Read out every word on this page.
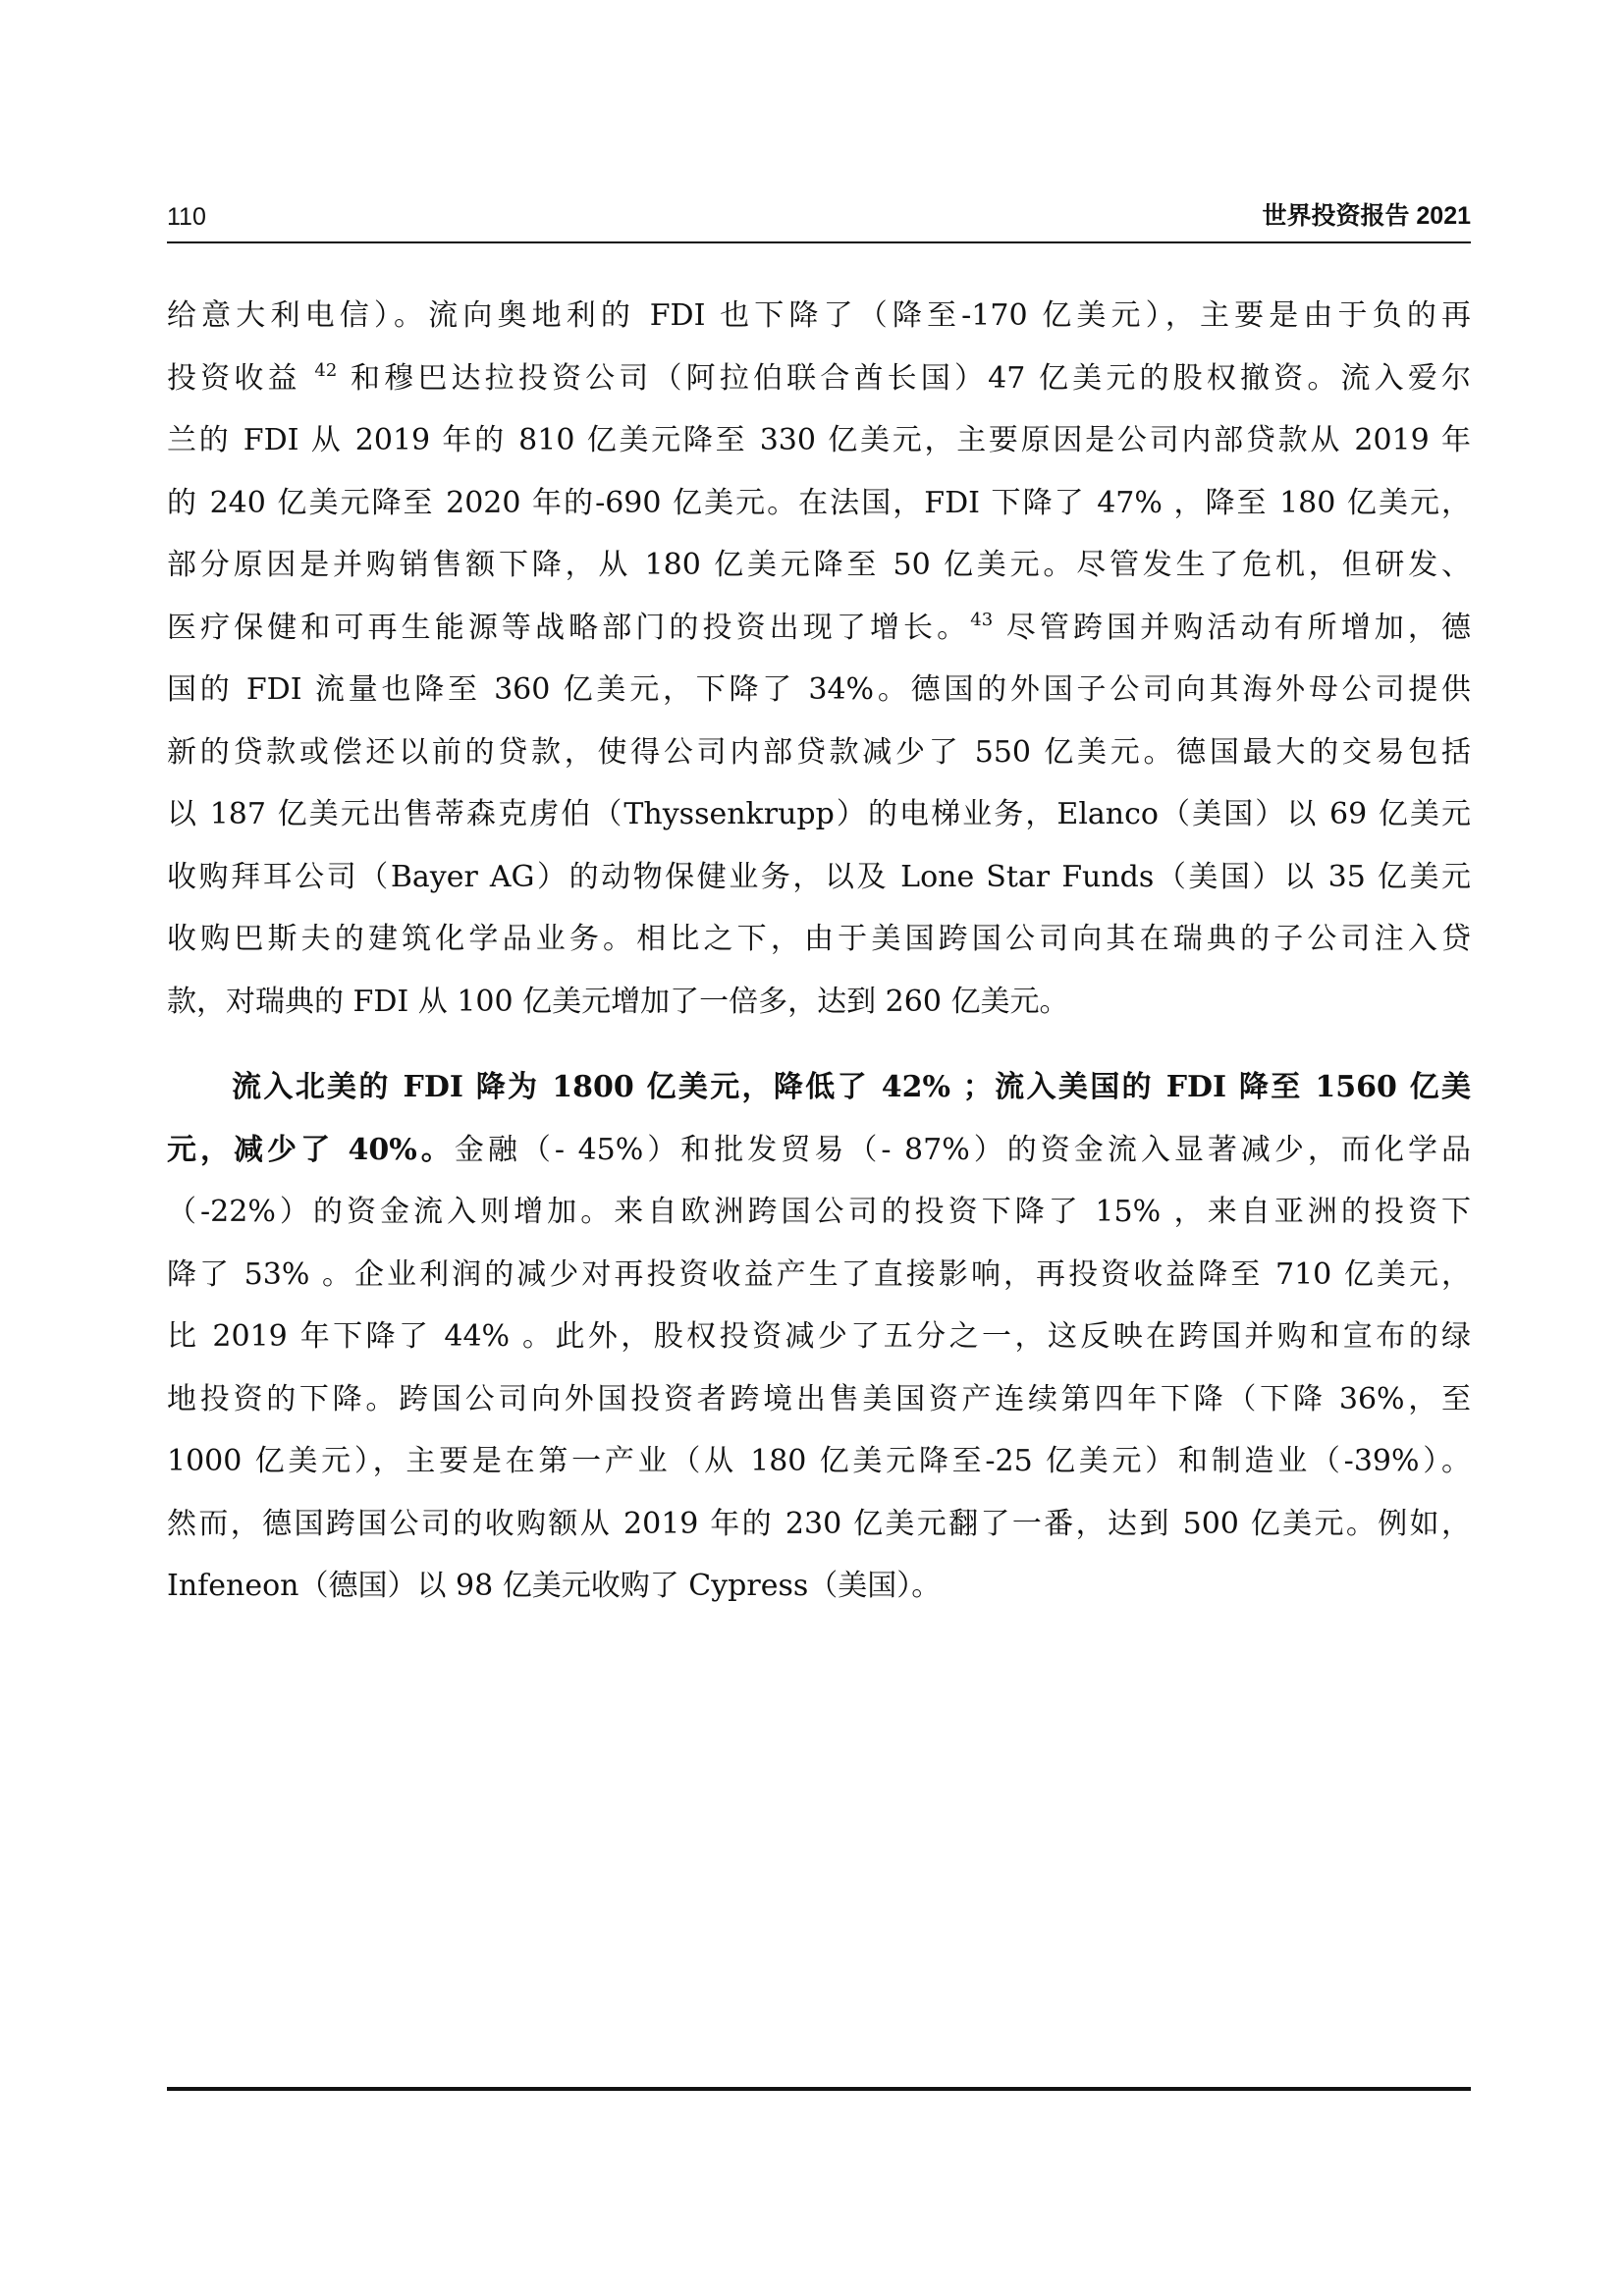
110	世界投资报告 2021
给意大利电信）。流向奥地利的 FDI 也下降了（降至-170 亿美元），主要是由于负的再
投资收益 $^{42}$ 和穆巴达拉投资公司（阿拉伯联合酋长国）47 亿美元的股权撤资。流入爱尔
兰的 FDI 从 2019 年的 810 亿美元降至 330 亿美元，主要原因是公司内部贷款从 2019 年
的 240 亿美元降至 2020 年的-690 亿美元。在法国，FDI 下降了 47% ，降至 180 亿美元，
部分原因是并购销售额下降，从 180 亿美元降至 50 亿美元。尽管发生了危机，但研发、
医疗保健和可再生能源等战略部门的投资出现了增长。$^{43}$ 尽管跨国并购活动有所增加，德
国的 FDI 流量也降至 360 亿美元，下降了 34%。德国的外国子公司向其海外母公司提供
新的贷款或偿还以前的贷款，使得公司内部贷款减少了 550 亿美元。德国最大的交易包括
以 187 亿美元出售蒂森克虏伯（Thyssenkrupp）的电梯业务，Elanco（美国）以 69 亿美元
收购拜耳公司（Bayer AG）的动物保健业务，以及 Lone Star Funds（美国）以 35 亿美元
收购巴斯夫的建筑化学品业务。相比之下，由于美国跨国公司向其在瑞典的子公司注入贷
款，对瑞典的 FDI 从 100 亿美元增加了一倍多，达到 260 亿美元。
流入北美的 FDI 降为 1800 亿美元，降低了 42% ；流入美国的 FDI 降至 1560 亿美
元，减少了 40%。金融（- 45%）和批发贸易（- 87%）的资金流入显著减少，而化学品
（-22%）的资金流入则增加。来自欧洲跨国公司的投资下降了 15% ，来自亚洲的投资下
降了 53% 。企业利润的减少对再投资收益产生了直接影响，再投资收益降至 710 亿美元，
比 2019 年下降了 44% 。此外，股权投资减少了五分之一，这反映在跨国并购和宣布的绿
地投资的下降。跨国公司向外国投资者跨境出售美国资产连续第四年下降（下降 36%，至
1000 亿美元），主要是在第一产业（从 180 亿美元降至-25 亿美元）和制造业（-39%）。
然而，德国跨国公司的收购额从 2019 年的 230 亿美元翻了一番，达到 500 亿美元。例如，
Infeneon（德国）以 98 亿美元收购了 Cypress（美国）。
